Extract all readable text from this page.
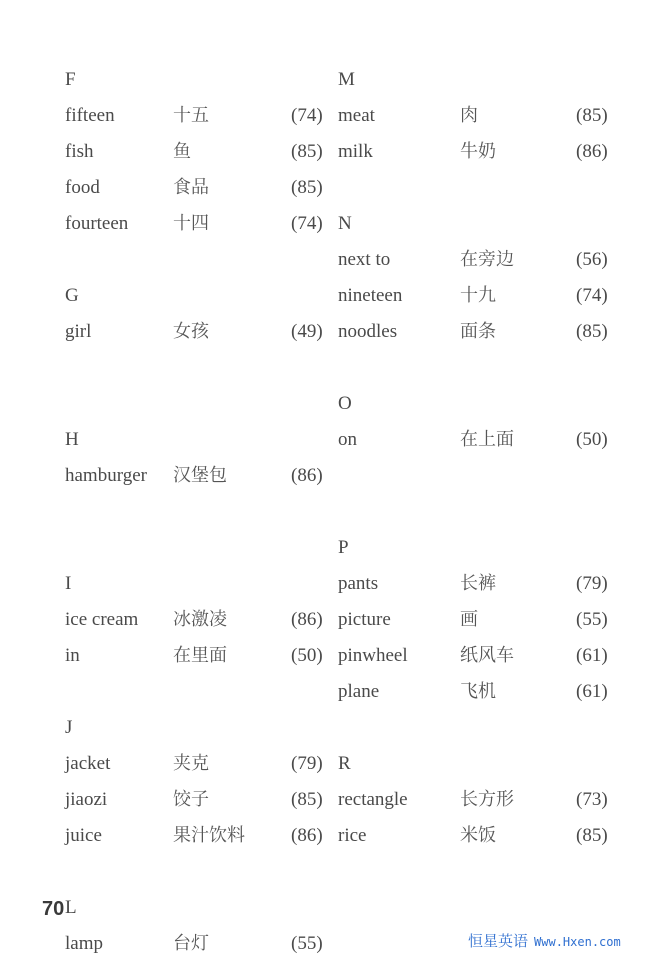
F
fifteen	十五	(74)
fish	鱼	(85)
food	食品	(85)
fourteen 十四	(74)
G
girl	女孩	(49)
H
hamburger 汉堡包	(86)
I
ice cream 冰激凌	(86)
in	在里面	(50)
J
jacket	夹克	(79)
jiaozi	饺子	(85)
juice	果汁饮料 (86)
L
lamp	台灯	(55)
M
meat	肉	(85)
milk	牛奶	(86)
N
next to	在旁边	(56)
nineteen	十九	(74)
noodles	面条	(85)
O
on	在上面	(50)
P
pants	长裤	(79)
picture	画	(55)
pinwheel	纸风车	(61)
plane	飞机	(61)
R
rectangle	长方形	(73)
rice	米饭	(85)
70
恒星英语 Www.Hxen.com
